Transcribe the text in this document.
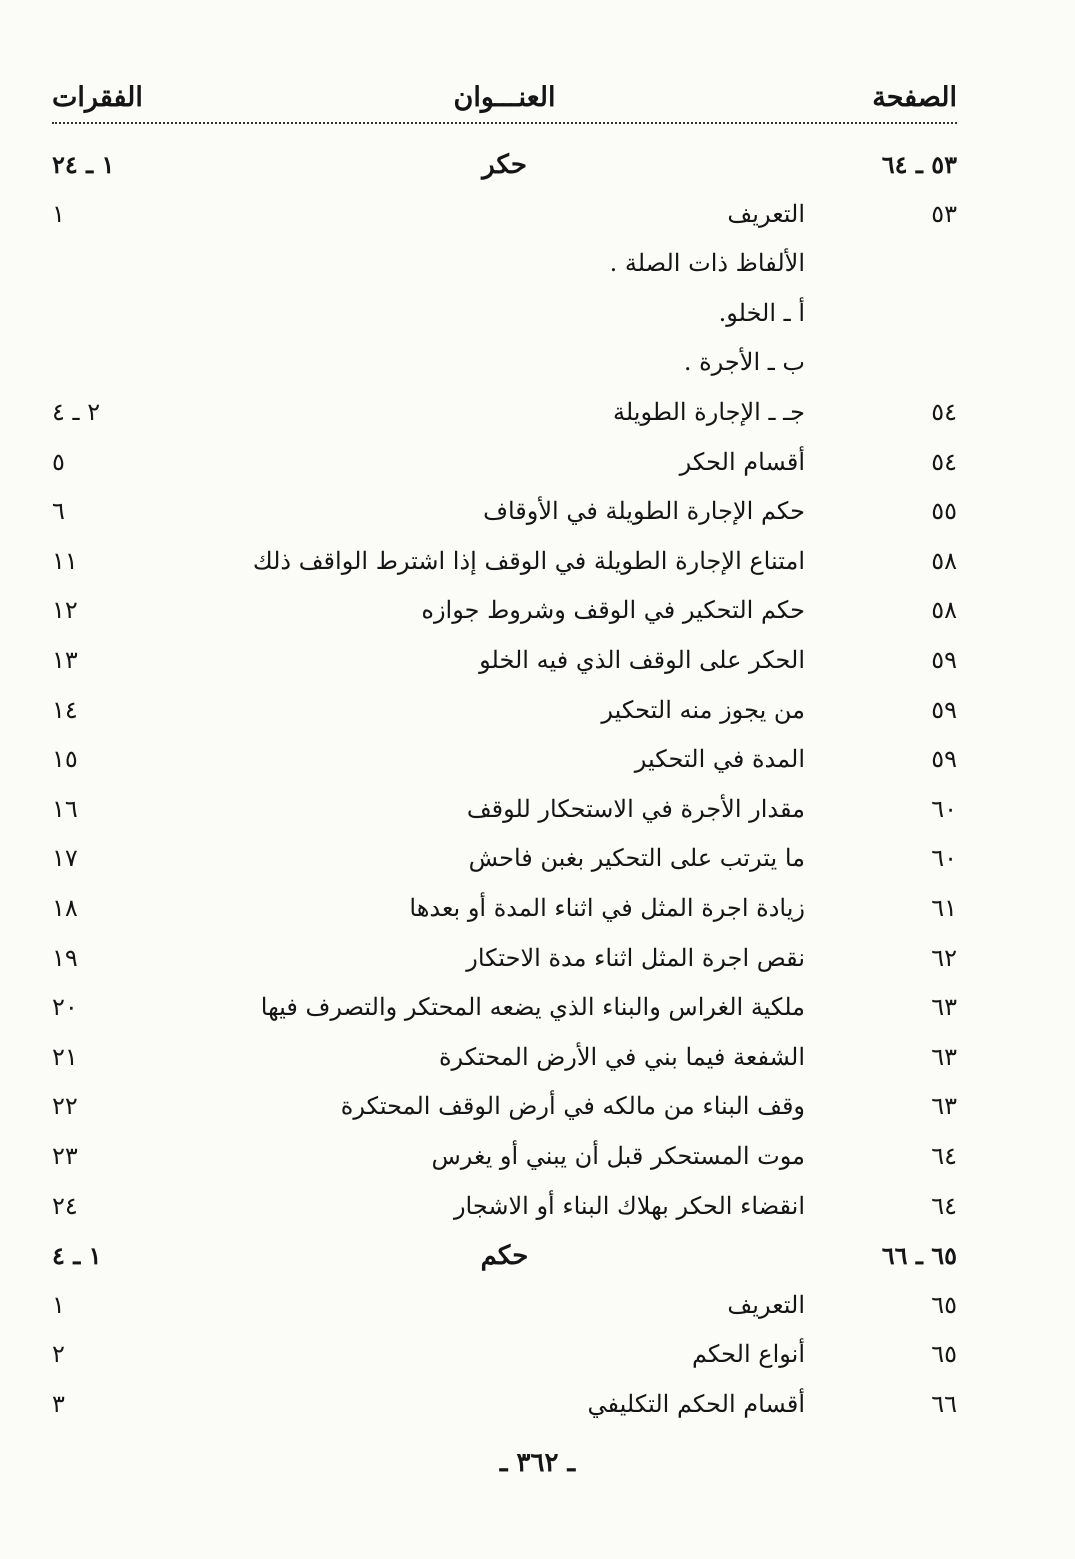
الصفحة
العنـــوان
الفقرات
٥٣ ـ ٦٤
حكر
١ ـ ٢٤
٥٣
التعريف
١
الألفاظ ذات الصلة .
أ ـ الخلو.
ب ـ الأجرة .
٥٤
جـ ـ الإجارة الطويلة
٢ ـ ٤
٥٤
أقسام الحكر
٥
٥٥
حكم الإجارة الطويلة في الأوقاف
٦
٥٨
امتناع الإجارة الطويلة في الوقف إذا اشترط الواقف ذلك
١١
٥٨
حكم التحكير في الوقف وشروط جوازه
١٢
٥٩
الحكر على الوقف الذي فيه الخلو
١٣
٥٩
من يجوز منه التحكير
١٤
٥٩
المدة في التحكير
١٥
٦٠
مقدار الأجرة في الاستحكار للوقف
١٦
٦٠
ما يترتب على التحكير بغبن فاحش
١٧
٦١
زيادة اجرة المثل في اثناء المدة أو بعدها
١٨
٦٢
نقص اجرة المثل اثناء مدة الاحتكار
١٩
٦٣
ملكية الغراس والبناء الذي يضعه المحتكر والتصرف فيها
٢٠
٦٣
الشفعة فيما بني في الأرض المحتكرة
٢١
٦٣
وقف البناء من مالكه في أرض الوقف المحتكرة
٢٢
٦٤
موت المستحكر قبل أن يبني أو يغرس
٢٣
٦٤
انقضاء الحكر بهلاك البناء أو الاشجار
٢٤
٦٥ ـ ٦٦
حكم
١ ـ ٤
٦٥
التعريف
١
٦٥
أنواع الحكم
٢
٦٦
أقسام الحكم التكليفي
٣
ـ ٣٦٢ ـ
